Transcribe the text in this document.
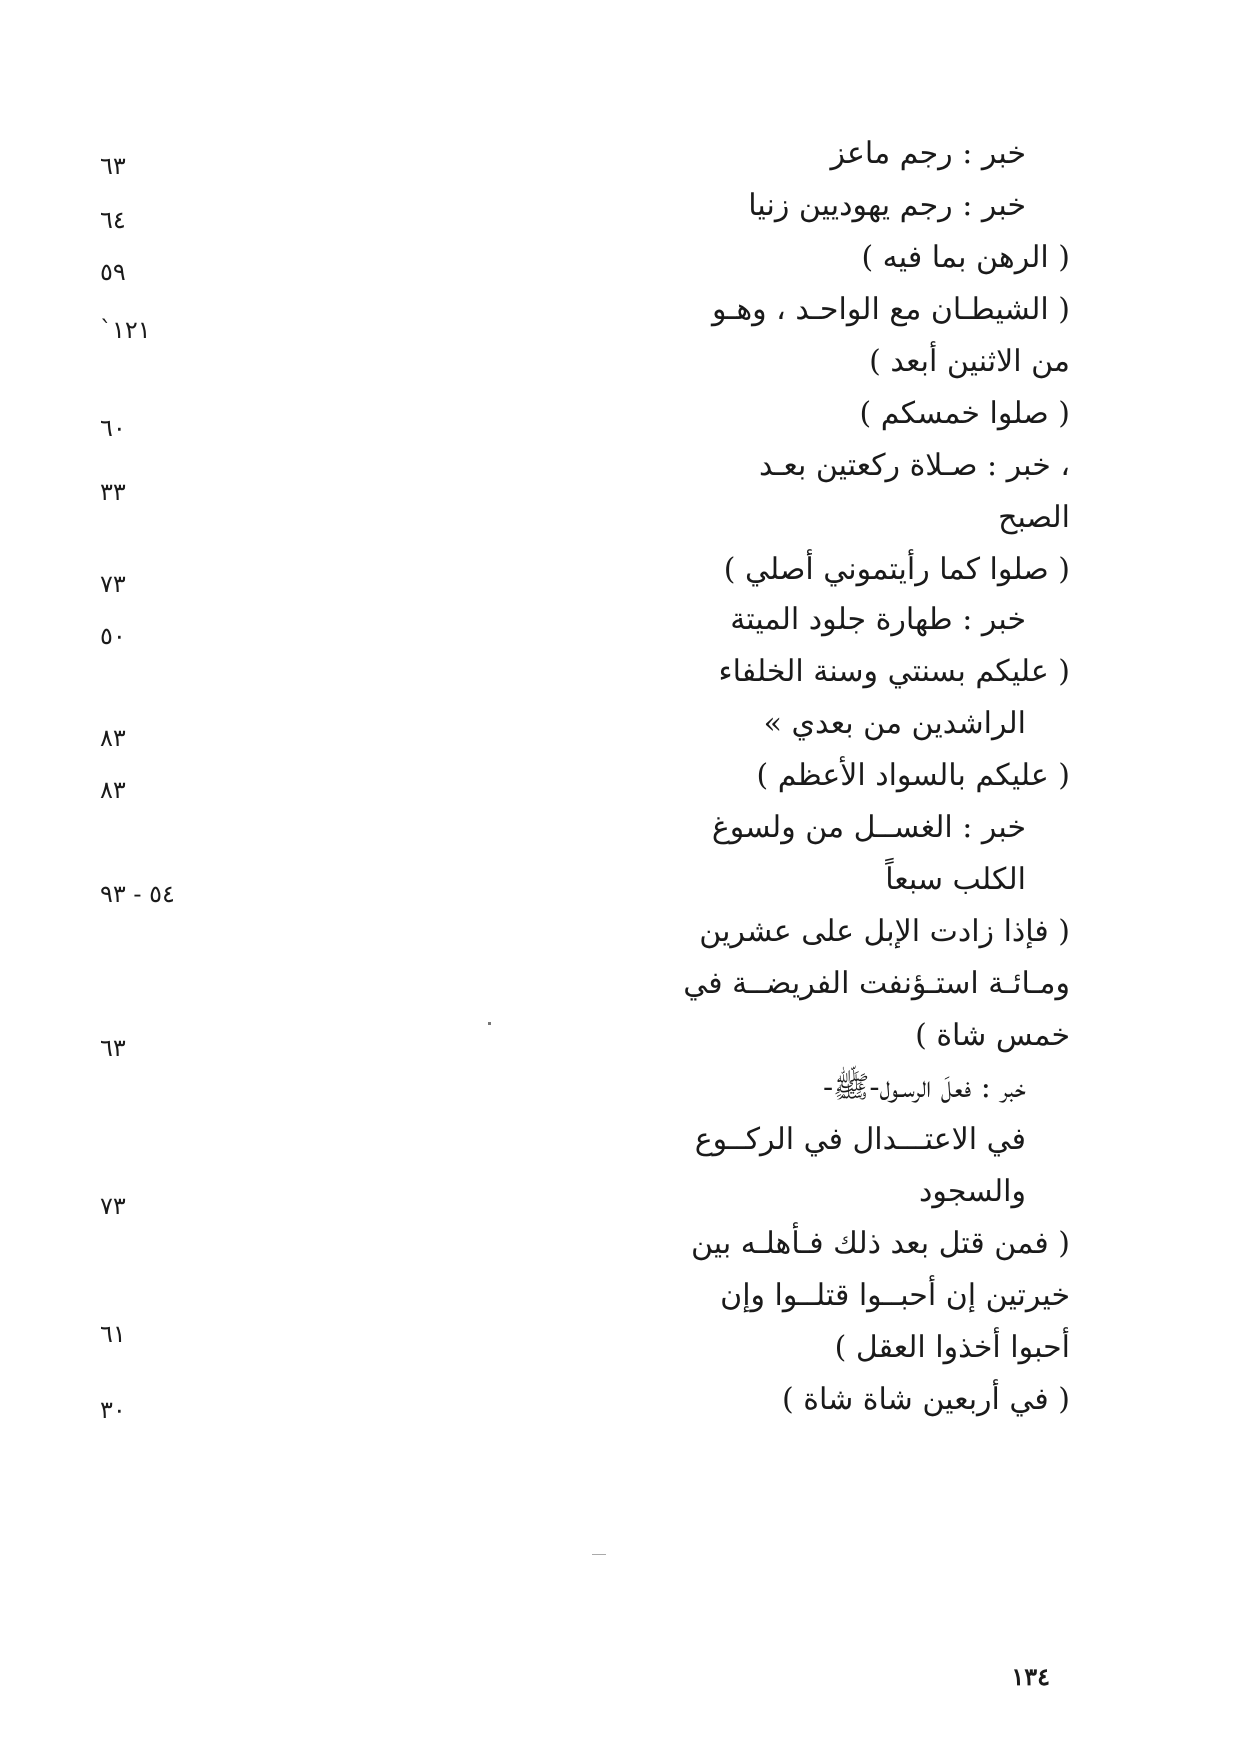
خبر : رجم ماعز
٦٣
خبر : رجم يهوديين زنيا
٦٤
( الرهن بما فيه )
٥٩
( الشيطـان مع الواحـد ، وهـو
من الاثنين أبعد )
١٢١`
( صلوا خمسكم )
٦٠
، خبر : صـلاة ركعتين بعـد
الصبح
٣٣
( صلوا كما رأيتموني أصلي )
٧٣
خبر : طهارة جلود الميتة
٥٠
( عليكم بسنتي وسنة الخلفاء
الراشدين من بعدي »
٨٣
( عليكم بالسواد الأعظم )
٨٣
خبر : الغســل من ولسوغ
الكلب سبعاً
٥٤ - ٩٣
( فإذا زادت الإبل على عشرين
ومـائـة استـؤنفت الفريضــة في
خمس شاة )
٦٣
خبر : فعلَ الرسـول-ﷺ-
في الاعتـــدال في الركــوع
والسجود
٧٣
( فمن قتل بعد ذلك فـأهلـه بين
خيرتين إن أحبــوا قتلــوا وإن
أحبوا أخذوا العقل )
٦١
( في أربعين شاة شاة )
٣٠
١٣٤
